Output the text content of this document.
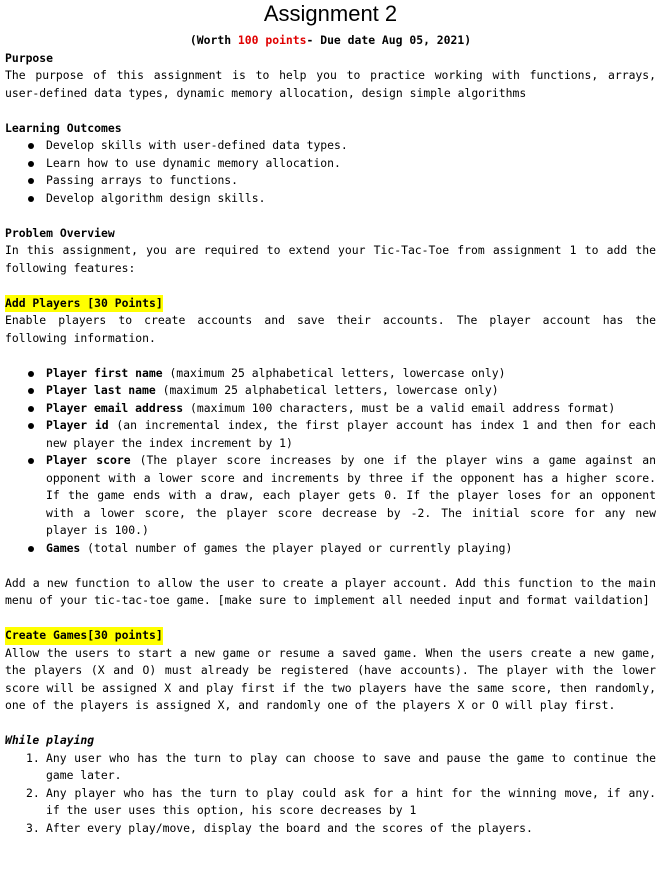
Assignment 2
(Worth 100 points- Due date Aug 05, 2021)
Purpose
The purpose of this assignment is to help you to practice working with functions, arrays, user-defined data types, dynamic memory allocation, design simple algorithms
Learning Outcomes
Develop skills with user-defined data types.
Learn how to use dynamic memory allocation.
Passing arrays to functions.
Develop algorithm design skills.
Problem Overview
In this assignment, you are required to extend your Tic-Tac-Toe from assignment 1 to add the following features:
Add Players [30 Points]
Enable players to create accounts and save their accounts. The player account has the following information.
Player first name (maximum 25 alphabetical letters, lowercase only)
Player last name (maximum 25 alphabetical letters, lowercase only)
Player email address (maximum 100 characters, must be a valid email address format)
Player id (an incremental index, the first player account has index 1 and then for each new player the index increment by 1)
Player score (The player score increases by one if the player wins a game against an opponent with a lower score and increments by three if the opponent has a higher score. If the game ends with a draw, each player gets 0. If the player loses for an opponent with a lower score, the player score decrease by -2. The initial score for any new player is 100.)
Games (total number of games the player played or currently playing)
Add a new function to allow the user to create a player account. Add this function to the main menu of your tic-tac-toe game. [make sure to implement all needed input and format vaildation]
Create Games[30 points]
Allow the users to start a new game or resume a saved game. When the users create a new game, the players (X and O) must already be registered (have accounts). The player with the lower score will be assigned X and play first if the two players have the same score, then randomly, one of the players is assigned X, and randomly one of the players X or O will play first.
While playing
1. Any user who has the turn to play can choose to save and pause the game to continue the game later.
2. Any player who has the turn to play could ask for a hint for the winning move, if any. if the user uses this option, his score decreases by 1
3. After every play/move, display the board and the scores of the players.
